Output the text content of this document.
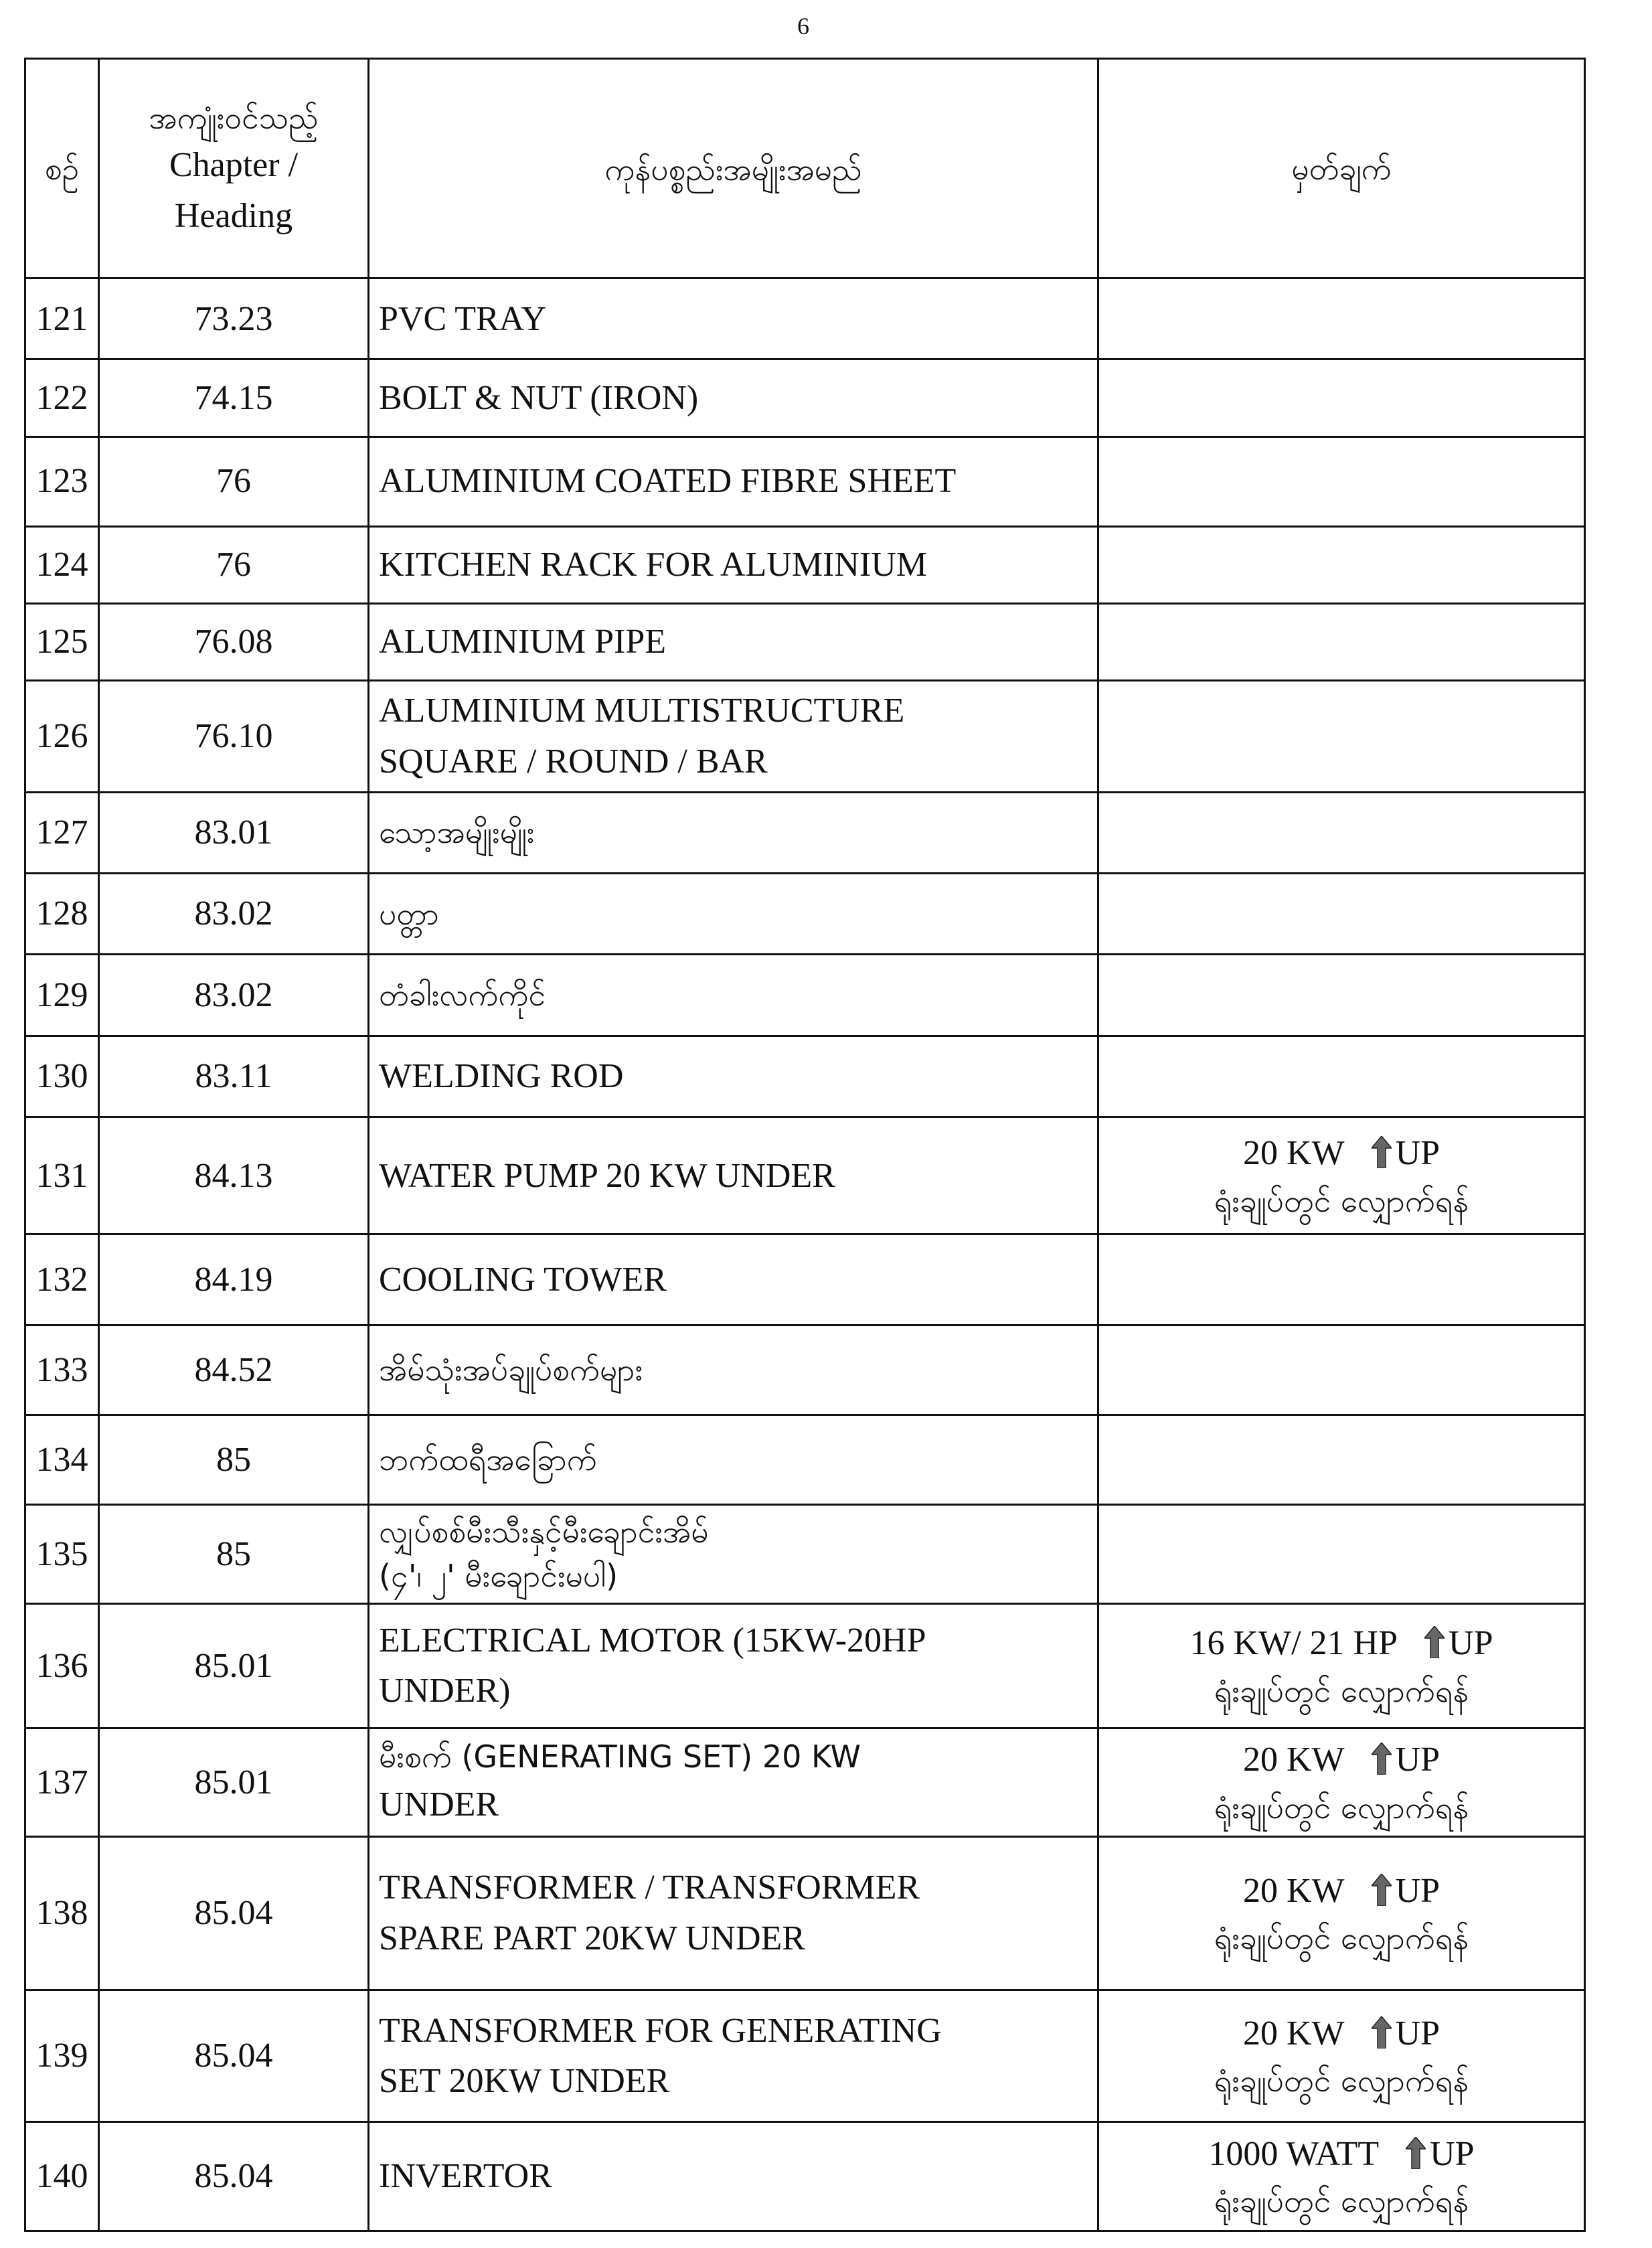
6
စဉ်	အကျုံးဝင်သည့်
Chapter /
Heading	ကုန်ပစ္စည်းအမျိုးအမည်	မှတ်ချက်
121	73.23	PVC TRAY	

122	74.15	BOLT & NUT (IRON)	

123	76	ALUMINIUM COATED FIBRE SHEET	

124	76	KITCHEN RACK FOR ALUMINIUM	

125	76.08	ALUMINIUM PIPE	

126	76.10	ALUMINIUM MULTISTRUCTURE
SQUARE / ROUND / BAR	

127	83.01	သော့အမျိုးမျိုး	

128	83.02	ပတ္တာ	

129	83.02	တံခါးလက်ကိုင်	

130	83.11	WELDING ROD	

131	84.13	WATER PUMP 20 KW UNDER	20 KW UP
ရုံးချုပ်တွင် လျှောက်ရန်

132	84.19	COOLING TOWER	

133	84.52	အိမ်သုံးအပ်ချုပ်စက်များ	

134	85	ဘက်ထရီအခြောက်	

135	85	လျှပ်စစ်မီးသီးနှင့်မီးချောင်းအိမ်
(၄'၊ ၂' မီးချောင်းမပါ)	

136	85.01	ELECTRICAL MOTOR (15KW-20HP
UNDER)	16 KW/ 21 HP UP
ရုံးချုပ်တွင် လျှောက်ရန်

137	85.01	မီးစက် (GENERATING SET) 20 KW
UNDER	20 KW UP
ရုံးချုပ်တွင် လျှောက်ရန်

138	85.04	TRANSFORMER / TRANSFORMER
SPARE PART 20KW UNDER	20 KW UP
ရုံးချုပ်တွင် လျှောက်ရန်

139	85.04	TRANSFORMER FOR GENERATING
SET 20KW UNDER	20 KW UP
ရုံးချုပ်တွင် လျှောက်ရန်

140	85.04	INVERTOR	1000 WATT UP
ရုံးချုပ်တွင် လျှောက်ရန်
